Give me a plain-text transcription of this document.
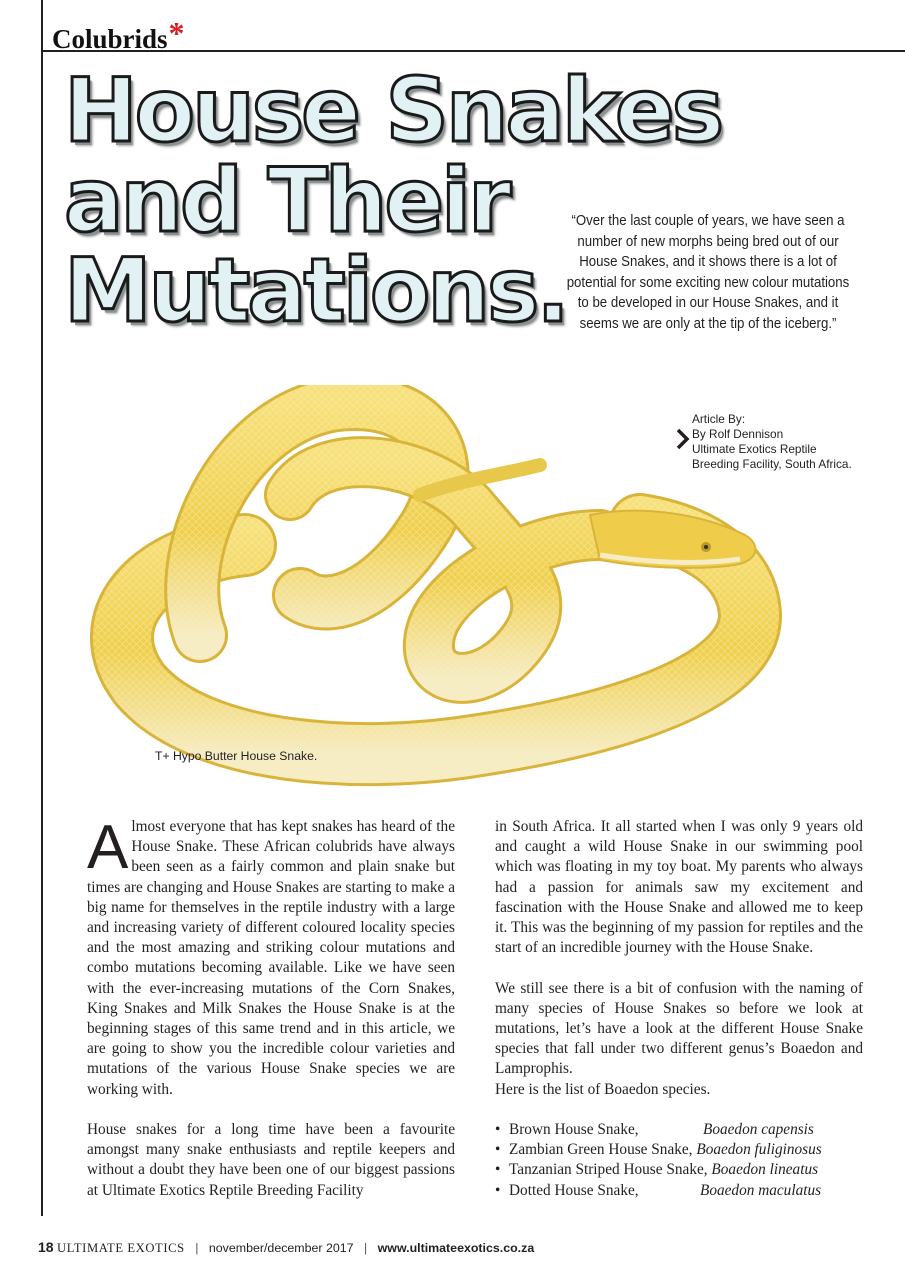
Colubrids*
House Snakes
and Their
Mutations.
“Over the last couple of years, we have seen a number of new morphs being bred out of our House Snakes, and it shows there is a lot of potential for some exciting new colour mutations to be developed in our House Snakes, and it seems we are only at the tip of the iceberg.”
Article By:
By Rolf Dennison
Ultimate Exotics Reptile
Breeding Facility, South Africa.
T+ Hypo Butter House Snake.

Almost everyone that has kept snakes has heard of the House Snake. These African colubrids have always been seen as a fairly common and plain snake but times are changing and House Snakes are starting to make a big name for themselves in the reptile industry with a large and increasing variety of different coloured locality species and the most amazing and striking colour mutations and combo mutations becoming available. Like we have seen with the ever-increasing mutations of the Corn Snakes, King Snakes and Milk Snakes the House Snake is at the beginning stages of this same trend and in this article, we are going to show you the incredible colour varieties and mutations of the various House Snake species we are working with.

House snakes for a long time have been a favourite amongst many snake enthusiasts and reptile keepers and without a doubt they have been one of our biggest passions at Ultimate Exotics Reptile Breeding Facility

in South Africa. It all started when I was only 9 years old and caught a wild House Snake in our swimming pool which was floating in my toy boat. My parents who always had a passion for animals saw my excitement and fascination with the House Snake and allowed me to keep it. This was the beginning of my passion for reptiles and the start of an incredible journey with the House Snake.

We still see there is a bit of confusion with the naming of many species of House Snakes so before we look at mutations, let’s have a look at the different House Snake species that fall under two different genus’s Boaedon and Lamprophis.

Here is the list of Boaedon species.

• Brown House Snake,	Boaedon capensis
• Zambian Green House Snake, Boaedon fuliginosus
• Tanzanian Striped House Snake, Boaedon lineatus
• Dotted House Snake,	Boaedon maculatus
18 ULTIMATE EXOTICS | november/december 2017 | www.ultimateexotics.co.za
